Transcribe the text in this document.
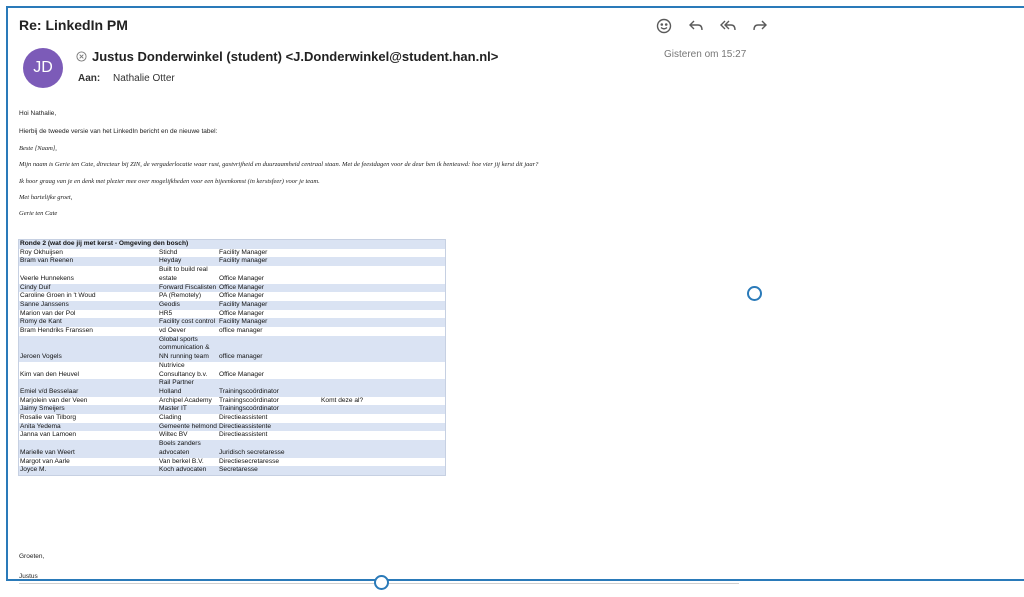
Re: LinkedIn PM
JD
Justus Donderwinkel (student) <J.Donderwinkel@student.han.nl>
Aan: Nathalie Otter
Gisteren om 15:27

Hoi Nathalie,

Hierbij de tweede versie van het LinkedIn bericht en de nieuwe tabel:

Beste [Naam],

Mijn naam is Gerie ten Cate, directeur bij ZIN, de vergaderlocatie waar rust, gastvrijheid en duurzaamheid centraal staan. Met de feestdagen voor de deur ben ik benieuwd: hoe vier jij kerst dit jaar?

Ik hoor graag van je en denk met plezier mee over mogelijkheden voor een bijeenkomst (in kerstsfeer) voor je team.

Met hartelijke groet,

Gerie ten Cate

Ronde 2 (wat doe jij met kerst - Omgeving den bosch)			
Roy Okhuijsen	Stichd	Facility Manager	
Bram van Reenen	Heyday	Facility manager	
Veerle Hunnekens	Built to build real estate	Office Manager	
Cindy Duif	Forward Fiscalisten	Office Manager	
Caroline Groen in 't Woud	PA (Remotely)	Office Manager	
Sanne Janssens	Geodis	Facility Manager	
Marion van der Pol	HR5	Office Manager	
Romy de Kant	Facility cost control	Facility Manager	
Bram Hendriks Franssen	vd Oever	office manager	
Jeroen Vogels	Global sports communication & NN running team	office manager	
Kim van den Heuvel	Nutrivice Consultancy b.v.	Office Manager	
Emiel v/d Besselaar	Rail Partner Holland	Trainingscoördinator	
Marjolein van der Veen	Archipel Academy	Trainingscoördinator	Komt deze al?
Jaimy Smeijers	Master IT	Trainingscoördinator	
Rosalie van Tilborg	Clading	Directieassistent	
Anita Yedema	Gemeente helmond	Directieassistente	
Janna van Lamoen	Wiltec BV	Directieassistent	
Marielle van Weert	Boels zanders advocaten	Juridisch secretaresse	
Margot van Aarle	Van berkel B.V.	Directiesecretaresse	
Joyce M.	Koch advocaten	Secretaresse	
Groeten,
Justus
